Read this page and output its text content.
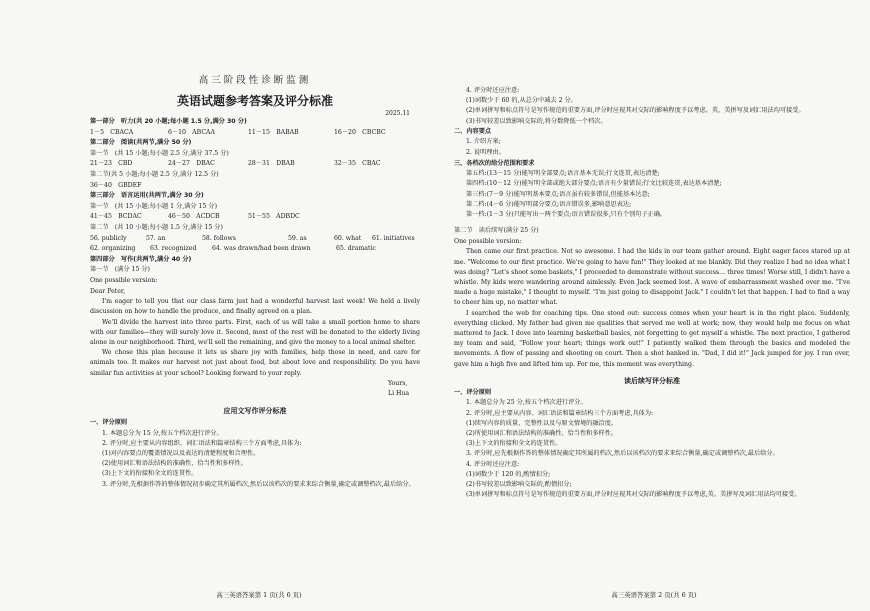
高三阶段性诊断监测
英语试题参考答案及评分标准
2025.11
第一部分　听力(共 20 小题;每小题 1.5 分,满分 30 分)
1－5　CBACA	6－10　ABCAA	11－15　BABAB	16－20　CBCBC
第二部分　阅读(共两节,满分 50 分)
第一节　(共 15 小题;每小题 2.5 分,满分 37.5 分)
21－23　CBD	24－27　DBAC	28－31　DBAB	32－35　CBAC
第二节(共 5 小题;每小题 2.5 分,满分 12.5 分)
36－40　GBDEF
第三部分　语言运用(共两节,满分 30 分)
第一节　(共 15 小题;每小题 1 分,满分 15 分)
41－45　BCDAC	46－50　ACDCB	51－55　ADBDC
第二节　(共 10 小题;每小题 1.5 分,满分 15 分)
56. publicly	57. an	58. follows	59. as	60. what	61. initiatives
62. organizing	63. recognized	64. was drawn/had been drawn	65. dramatic
第四部分　写作(共两节,满分 40 分)
第一节　(满分 15 分)
One possible version:
Dear Peter,

I'm eager to tell you that our class farm just had a wonderful harvest last week! We held a lively discussion on how to handle the produce, and finally agreed on a plan.

We'll divide the harvest into three parts. First, each of us will take a small portion home to share with our families—they will surely love it. Second, most of the rest will be donated to the elderly living alone in our neighborhood. Third, we'll sell the remaining, and give the money to a local animal shelter.

We chose this plan because it lets us share joy with families, help those in need, and care for animals too. It makes our harvest not just about food, but about love and responsibility. Do you have similar fun activities at your school? Looking forward to your reply.

Yours,
Li Hua
应用文写作评分标准
一、评分原则

1. 本题总分为 15 分,按五个档次进行评分。

2. 评分时,应主要从内容组织、词汇语法和篇章结构三个方面考虑,具体为:

(1)对内容要点的覆盖情况以及表达的清楚程度和合理性。

(2)使用词汇和语法结构的准确性、恰当性和多样性。

(3)上下文的衔接和全文的连贯性。

3. 评分时,先根据作答的整体情况初步确定其所属档次,然后以该档次的要求来综合衡量,确定或调整档次,最后给分。

高三英语答案第 1 页(共 6 页)

4. 评分时还应注意:

(1)词数少于 60 的,从总分中减去 2 分。

(2)单词拼写和标点符号是写作规范的重要方面,评分时应视其对交际的影响程度予以考虑。英、美拼写及词汇用法均可接受。

(3)书写较差以致影响交际的,将分数降低一个档次。

二、内容要点
1. 介绍方案;
2. 说明理由。
三、各档次的给分范围和要求

第五档:(13－15 分)能写明全部要点;语言基本无误;行文连贯,表达清楚;

第四档:(10－12 分)能写明全部或绝大部分要点;语言有少量错误;行文比较连贯,表达基本清楚;

第三档:(7－9 分)能写明基本要点;语言虽有较多错误,但能基本达意;

第二档:(4－6 分)能写明部分要点;语言错误多,影响意思表达;

第一档:(1－3 分)只能写出一两个要点;语言错误很多,只有个别句子正确。

第二节　读后续写(满分 25 分)
One possible version:

Then came our first practice. Not so awesome. I had the kids in our team gather around. Eight eager faces stared up at me. "Welcome to our first practice. We're going to have fun!" They looked at me blankly. Did they realize I had no idea what I was doing? "Let's shoot some baskets," I proceeded to demonstrate without success… three times! Worse still, I didn't have a whistle. My kids were wandering around aimlessly. Even Jack seemed lost. A wave of embarrassment washed over me. "I've made a huge mistake," I thought to myself. "I'm just going to disappoint Jack." I couldn't let that happen. I had to find a way to cheer him up, no matter what.

I searched the web for coaching tips. One stood out: success comes when your heart is in the right place. Suddenly, everything clicked. My father had given me qualities that served me well at work; now, they would help me focus on what mattered to Jack. I dove into learning basketball basics, not forgetting to get myself a whistle. The next practice, I gathered my team and said, "Follow your heart; things work out!" I patiently walked them through the basics and modeled the movements. A flow of passing and shooting on court. Then a shot banked in. "Dad, I did it!" Jack jumped for joy. I ran over, gave him a high five and lifted him up. For me, this moment was everything.

读后续写评分标准
一、评分原则

1. 本题总分为 25 分,按五个档次进行评分。

2. 评分时,应主要从内容、词汇语法和篇章结构三个方面考虑,具体为:

(1)续写内容的质量、完整性以及与原文情境的融洽度。

(2)所使用词汇和语法结构的准确性、恰当性和多样性。

(3)上下文的衔接和全文的连贯性。

3. 评分时,应先根据作答的整体情况确定其所属的档次,然后以该档次的要求来综合衡量,确定或调整档次,最后给分。

4. 评分时还应注意:

(1)词数少于 120 的,酌情扣分;

(2)书写较差以致影响交际的,酌情扣分;

(3)单词拼写和标点符号是写作规范的重要方面,评分时应视其对交际的影响程度予以考虑,英、美拼写及词汇用法均可接受。

高三英语答案第 2 页(共 6 页)
